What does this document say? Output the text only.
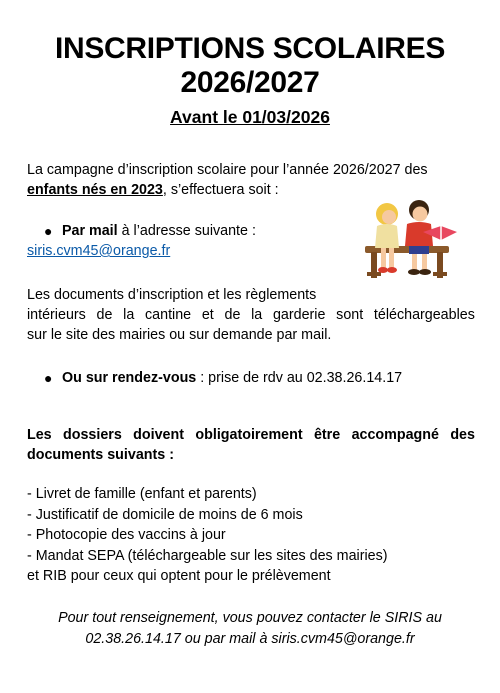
INSCRIPTIONS SCOLAIRES
2026/2027
Avant le 01/03/2026
La campagne d’inscription scolaire pour l’année 2026/2027 des
enfants nés en 2023, s’effectuera soit :
● Par mail à l’adresse suivante :
siris.cvm45@orange.fr
Les documents d’inscription et les règlements
intérieurs de la cantine et de la garderie sont téléchargeables
sur le site des mairies ou sur demande par mail.
● Ou sur rendez-vous : prise de rdv au 02.38.26.14.17
Les dossiers doivent obligatoirement être accompagné des
documents suivants :
- Livret de famille (enfant et parents)
- Justificatif de domicile de moins de 6 mois
- Photocopie des vaccins à jour
- Mandat SEPA (téléchargeable sur les sites des mairies)
et RIB pour ceux qui optent pour le prélèvement
Pour tout renseignement, vous pouvez contacter le SIRIS au
02.38.26.14.17 ou par mail à siris.cvm45@orange.fr
